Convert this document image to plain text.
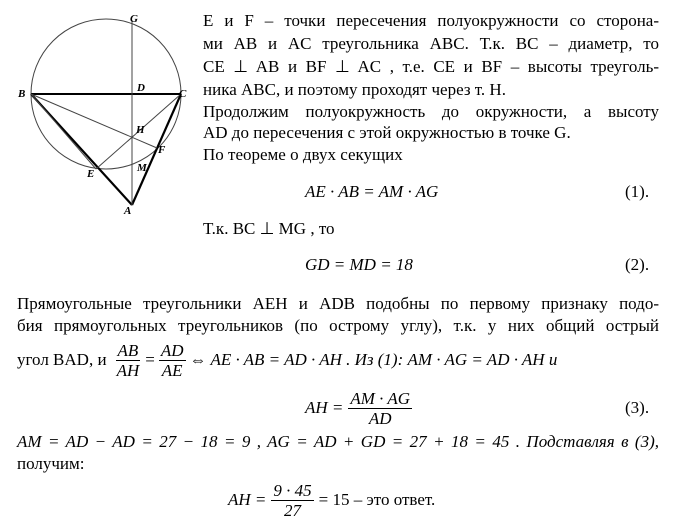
G
B	D	C
H
F
M
E
A
E и F – точки пересечения полуокружности со сторона-
ми AB и AC треугольника ABC. Т.к. ВС – диаметр, то
CE ⊥ AB и BF ⊥ AC , т.е. CE и BF – высоты треуголь-
ника ABC, и поэтому проходят через т. H.
Продолжим полуокружность до окружности, а высоту
AD до пересечения с этой окружностью в точке G.
По теореме о двух секущих
AE · AB = AM · AG	(1).
Т.к. BC ⊥ MG , то
GD = MD = 18	(2).
Прямоугольные треугольники AEH и ADB подобны по первому признаку подо-
бия прямоугольных треугольников (по острому углу), т.к. у них общий острый
угол BAD, и $\frac{AB}{AH} = \frac{AD}{AE}$ ⇔ AE · AB = AD · AH . Из (1): AM · AG = AD · AH и
AH = $\frac{AM \cdot AG}{AD}$	(3).
AM = AD − AD = 27 − 18 = 9 , AG = AD + GD = 27 + 18 = 45 . Подставляя в (3),
получим:
AH = $\frac{9 \cdot 45}{27} = 15$ – это ответ.
